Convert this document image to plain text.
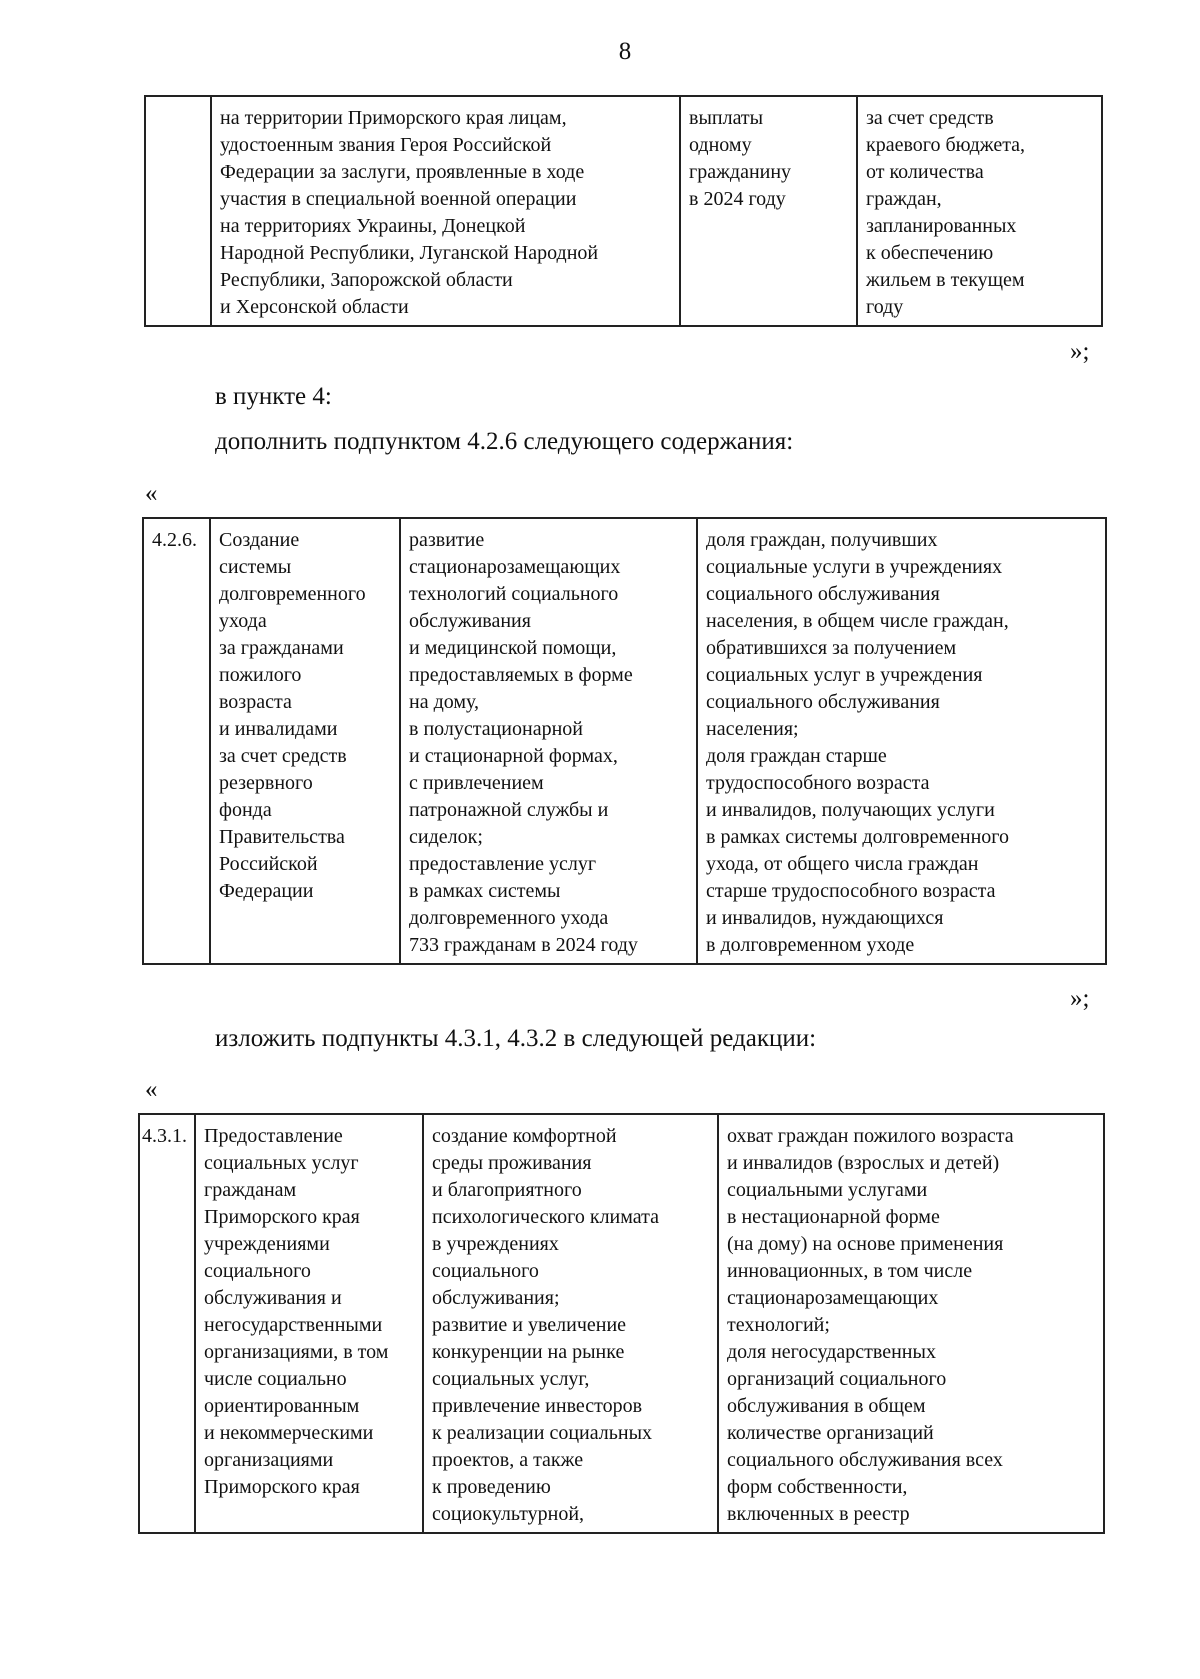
8
	на территории Приморского края лицам,
удостоенным звания Героя Российской
Федерации за заслуги, проявленные в ходе
участия в специальной военной операции
на территориях Украины, Донецкой
Народной Республики, Луганской Народной
Республики, Запорожской области
и Херсонской области	выплаты
одному
гражданину
в 2024 году	за счет средств
краевого бюджета,
от количества
граждан,
запланированных
к обеспечению
жильем в текущем
году
»;

в пункте 4:

дополнить подпунктом 4.2.6 следующего содержания:

«
4.2.6.	Создание
системы
долговременного
ухода
за гражданами
пожилого
возраста
и инвалидами
за счет средств
резервного
фонда
Правительства
Российской
Федерации	развитие
стационарозамещающих
технологий социального
обслуживания
и медицинской помощи,
предоставляемых в форме
на дому,
в полустационарной
и стационарной формах,
с привлечением
патронажной службы и
сиделок;
предоставление услуг
в рамках системы
долговременного ухода
733 гражданам в 2024 году	доля граждан, получивших
социальные услуги в учреждениях
социального обслуживания
населения, в общем числе граждан,
обратившихся за получением
социальных услуг в учреждения
социального обслуживания
населения;
доля граждан старше
трудоспособного возраста
и инвалидов, получающих услуги
в рамках системы долговременного
ухода, от общего числа граждан
старше трудоспособного возраста
и инвалидов, нуждающихся
в долговременном уходе
»;

изложить подпункты 4.3.1, 4.3.2 в следующей редакции:

«
4.3.1.	Предоставление
социальных услуг
гражданам
Приморского края
учреждениями
социального
обслуживания и
негосударственными
организациями, в том
числе социально
ориентированным
и некоммерческими
организациями
Приморского края	создание комфортной
среды проживания
и благоприятного
психологического климата
в учреждениях
социального
обслуживания;
развитие и увеличение
конкуренции на рынке
социальных услуг,
привлечение инвесторов
к реализации социальных
проектов, а также
к проведению
социокультурной,	охват граждан пожилого возраста
и инвалидов (взрослых и детей)
социальными услугами
в нестационарной форме
(на дому) на основе применения
инновационных, в том числе
стационарозамещающих
технологий;
доля негосударственных
организаций социального
обслуживания в общем
количестве организаций
социального обслуживания всех
форм собственности,
включенных в реестр
